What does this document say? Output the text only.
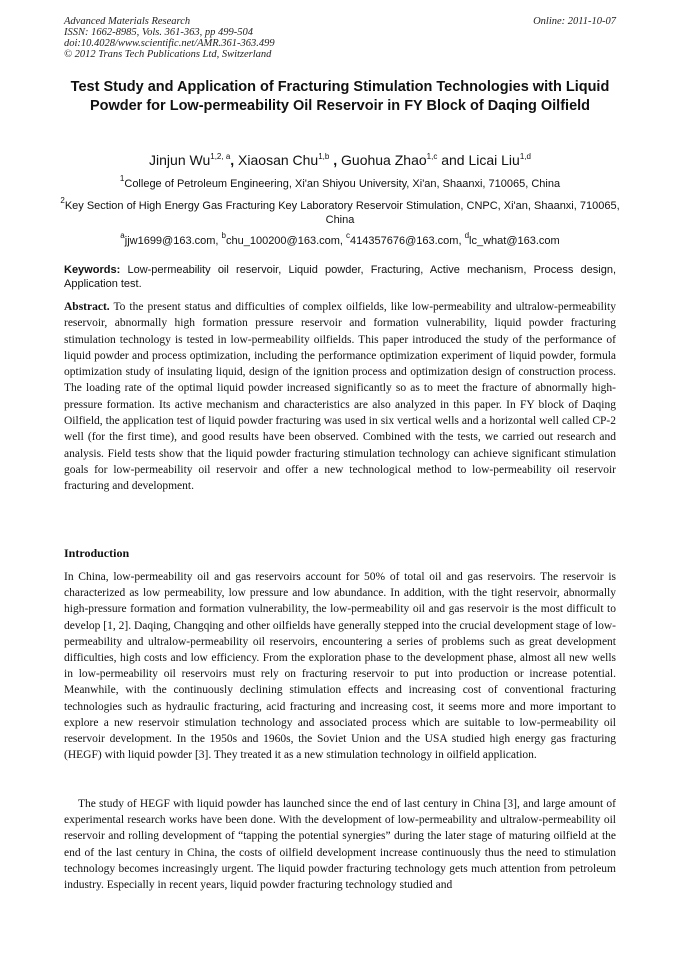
Advanced Materials Research
ISSN: 1662-8985, Vols. 361-363, pp 499-504
doi:10.4028/www.scientific.net/AMR.361-363.499
© 2012 Trans Tech Publications Ltd, Switzerland
Online: 2011-10-07
Test Study and Application of Fracturing Stimulation Technologies with Liquid Powder for Low-permeability Oil Reservoir in FY Block of Daqing Oilfield
Jinjun Wu$^{1,2, a}$, Xiaosan Chu$^{1,b}$ , Guohua Zhao$^{1,c}$ and Licai Liu$^{1,d}$
$^1$College of Petroleum Engineering, Xi'an Shiyou University, Xi'an, Shaanxi, 710065, China
$^2$Key Section of High Energy Gas Fracturing Key Laboratory Reservoir Stimulation, CNPC, Xi'an, Shaanxi, 710065, China
$^a$jjw1699@163.com, $^b$chu_100200@163.com, $^c$414357676@163.com, $^d$lc_what@163.com
Keywords: Low-permeability oil reservoir, Liquid powder, Fracturing, Active mechanism, Process design, Application test.

Abstract. To the present status and difficulties of complex oilfields, like low-permeability and ultralow-permeability reservoir, abnormally high formation pressure reservoir and formation vulnerability, liquid powder fracturing stimulation technology is tested in low-permeability oilfields. This paper introduced the study of the performance of liquid powder and process optimization, including the performance optimization experiment of liquid powder, formula optimization study of insulating liquid, design of the ignition process and optimization design of construction process. The loading rate of the optimal liquid powder increased significantly so as to meet the fracture of abnormally high-pressure formation. Its active mechanism and characteristics are also analyzed in this paper. In FY block of Daqing Oilfield, the application test of liquid powder fracturing was used in six vertical wells and a horizontal well called CP-2 well (for the first time), and good results have been observed. Combined with the tests, we carried out research and analysis. Field tests show that the liquid powder fracturing stimulation technology can achieve significant stimulation goals for low-permeability oil reservoir and offer a new technological method to low-permeability oil reservoir fracturing and development.

Introduction

In China, low-permeability oil and gas reservoirs account for 50% of total oil and gas reservoirs. The reservoir is characterized as low permeability, low pressure and low abundance. In addition, with the tight reservoir, abnormally high-pressure formation and formation vulnerability, the low-permeability oil and gas reservoir is the most difficult to develop [1, 2]. Daqing, Changqing and other oilfields have generally stepped into the crucial development stage of low-permeability and ultralow-permeability oil reservoirs, encountering a series of problems such as great development difficulties, high costs and low efficiency. From the exploration phase to the development phase, almost all new wells in low-permeability oil reservoirs must rely on fracturing reservoir to put into production or increase potential. Meanwhile, with the continuously declining stimulation effects and increasing cost of conventional fracturing technologies such as hydraulic fracturing, acid fracturing and increasing cost, it seems more and more important to explore a new reservoir stimulation technology and associated process which are suitable to low-permeability oil reservoir development. In the 1950s and 1960s, the Soviet Union and the USA studied high energy gas fracturing (HEGF) with liquid powder [3]. They treated it as a new stimulation technology in oilfield application.

The study of HEGF with liquid powder has launched since the end of last century in China [3], and large amount of experimental research works have been done. With the development of low-permeability and ultralow-permeability oil reservoir and rolling development of “tapping the potential synergies” during the later stage of maturing oilfield at the end of the last century in China, the costs of oilfield development increase continuously thus the need to stimulation technology becomes increasingly urgent. The liquid powder fracturing technology gets much attention from petroleum industry. Especially in recent years, liquid powder fracturing technology studied and
